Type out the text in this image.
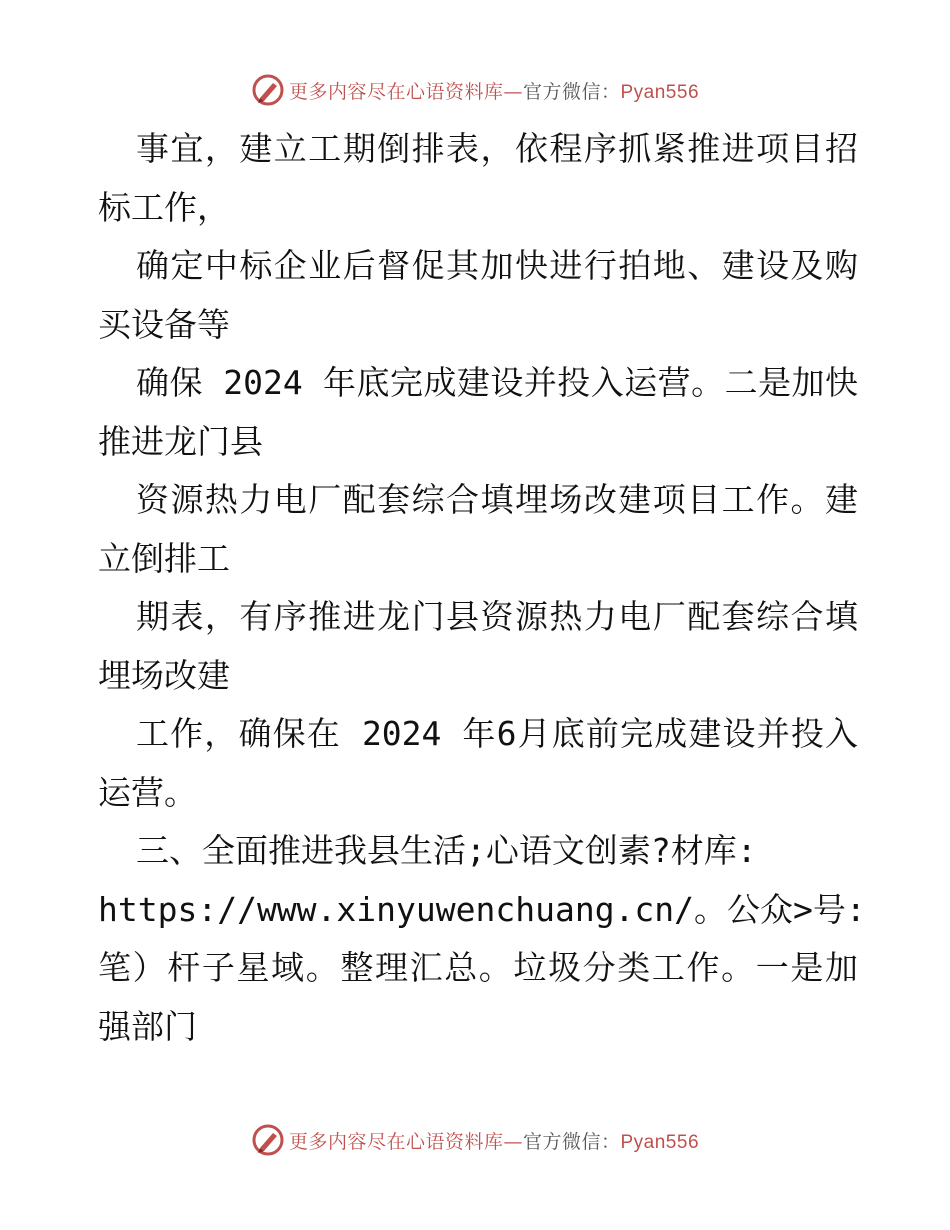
更多内容尽在心语资料库—官方微信：Pyan556

事宜，建立工期倒排表，依程序抓紧推进项目招
标工作，

确定中标企业后督促其加快进行拍地、建设及购
买设备等

确保 2024 年底完成建设并投入运营。二是加快
推进龙门县

资源热力电厂配套综合填埋场改建项目工作。建
立倒排工

期表，有序推进龙门县资源热力电厂配套综合填
埋场改建

工作，确保在 2024 年6月底前完成建设并投入
运营。

三、全面推进我县生活;心语文创素?材库:
https://www.xinyuwenchuang.cn/。公众>号:
笔）杆子星域。整理汇总。垃圾分类工作。一是加
强部门

更多内容尽在心语资料库—官方微信：Pyan556
